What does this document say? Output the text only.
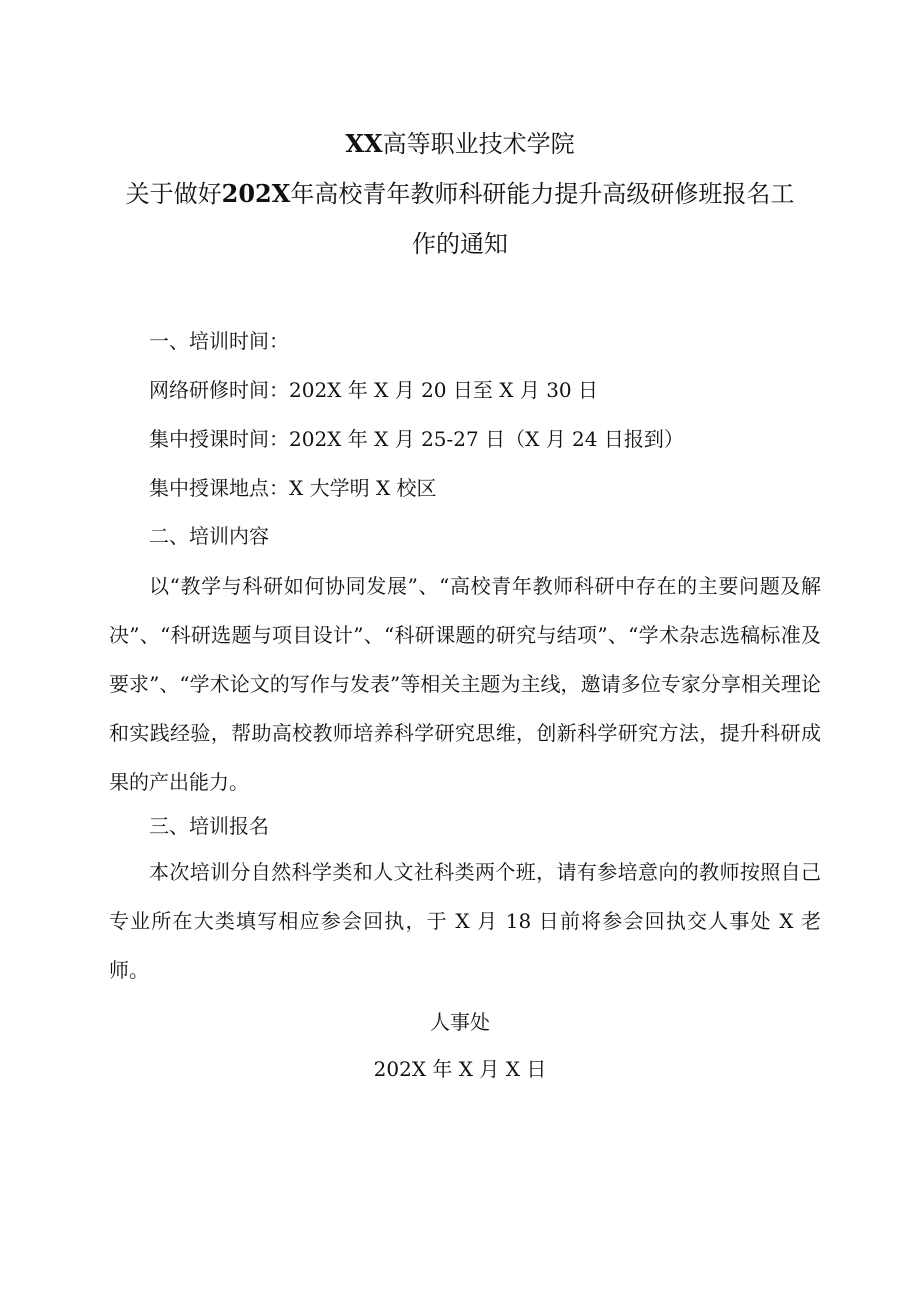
XX高等职业技术学院
关于做好202X年高校青年教师科研能力提升高级研修班报名工
作的通知
一、培训时间：
网络研修时间：202X 年 X 月 20 日至 X 月 30 日
集中授课时间：202X 年 X 月 25-27 日（X 月 24 日报到）
集中授课地点：X 大学明 X 校区
二、培训内容
以“教学与科研如何协同发展”、“高校青年教师科研中存在的主要问题及解决”、“科研选题与项目设计”、“科研课题的研究与结项”、“学术杂志选稿标准及要求”、“学术论文的写作与发表”等相关主题为主线，邀请多位专家分享相关理论和实践经验，帮助高校教师培养科学研究思维，创新科学研究方法，提升科研成果的产出能力。
三、培训报名
本次培训分自然科学类和人文社科类两个班，请有参培意向的教师按照自己专业所在大类填写相应参会回执，于 X 月 18 日前将参会回执交人事处 X 老师。
人事处
202X 年 X 月 X 日
